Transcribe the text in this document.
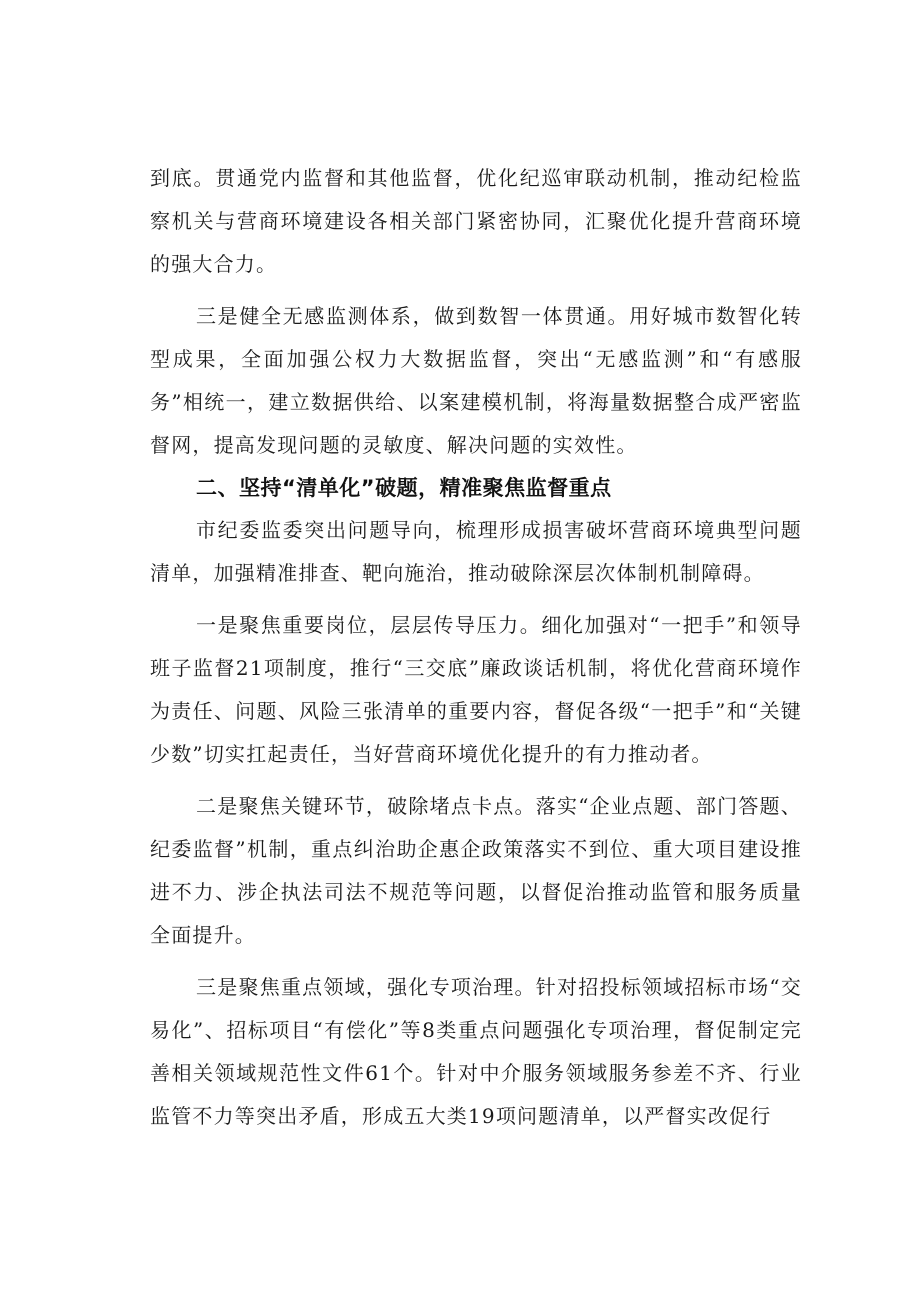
到底。贯通党内监督和其他监督，优化纪巡审联动机制，推动纪检监察机关与营商环境建设各相关部门紧密协同，汇聚优化提升营商环境的强大合力。

三是健全无感监测体系，做到数智一体贯通。用好城市数智化转型成果，全面加强公权力大数据监督，突出“无感监测”和“有感服务”相统一，建立数据供给、以案建模机制，将海量数据整合成严密监督网，提高发现问题的灵敏度、解决问题的实效性。

二、坚持“清单化”破题，精准聚焦监督重点

市纪委监委突出问题导向，梳理形成损害破坏营商环境典型问题清单，加强精准排查、靶向施治，推动破除深层次体制机制障碍。

一是聚焦重要岗位，层层传导压力。细化加强对“一把手”和领导班子监督21项制度，推行“三交底”廉政谈话机制，将优化营商环境作为责任、问题、风险三张清单的重要内容，督促各级“一把手”和“关键少数”切实扛起责任，当好营商环境优化提升的有力推动者。

二是聚焦关键环节，破除堵点卡点。落实“企业点题、部门答题、纪委监督”机制，重点纠治助企惠企政策落实不到位、重大项目建设推进不力、涉企执法司法不规范等问题，以督促治推动监管和服务质量全面提升。

三是聚焦重点领域，强化专项治理。针对招投标领域招标市场“交易化”、招标项目“有偿化”等8类重点问题强化专项治理，督促制定完善相关领域规范性文件61个。针对中介服务领域服务参差不齐、行业监管不力等突出矛盾，形成五大类19项问题清单，以严督实改促行
